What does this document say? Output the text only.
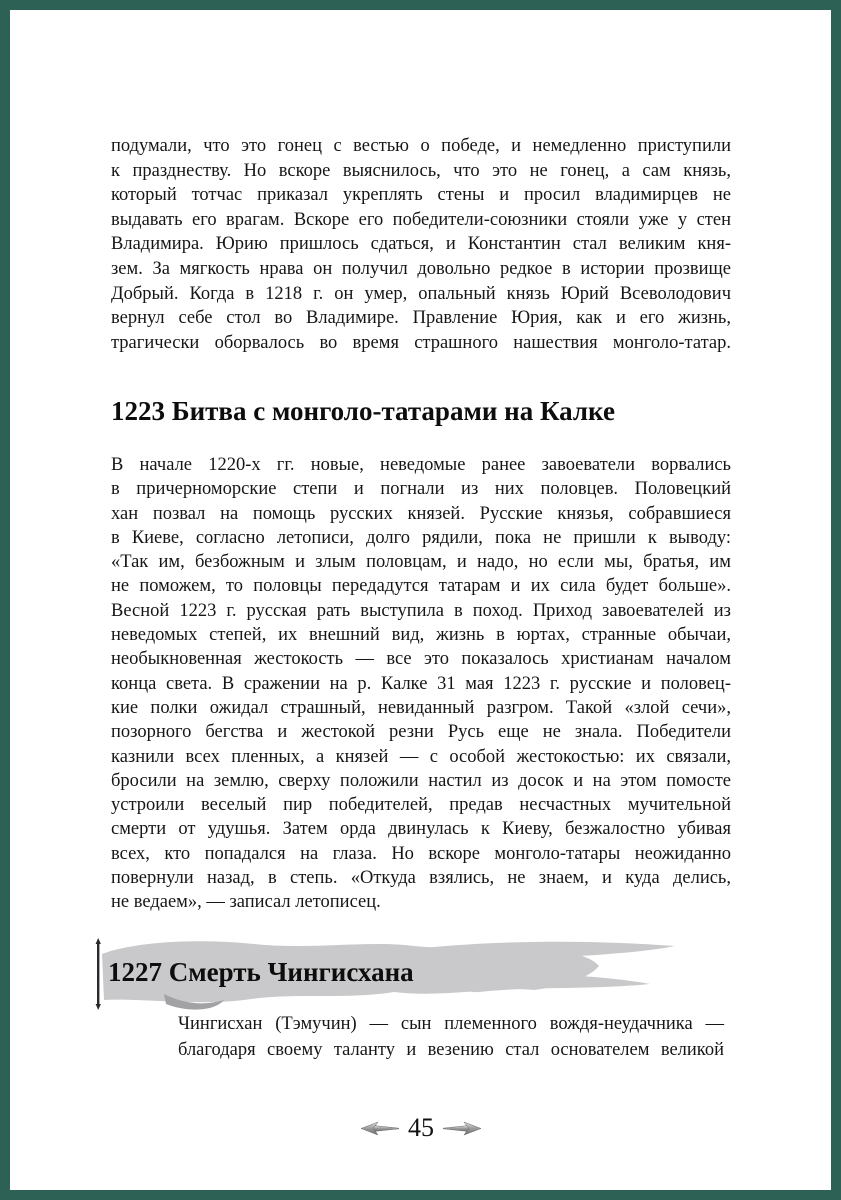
подумали, что это гонец с вестью о победе, и немедленно приступили
к празднеству. Но вскоре выяснилось, что это не гонец, а сам князь,
который тотчас приказал укреплять стены и просил владимирцев не
выдавать его врагам. Вскоре его победители-союзники стояли уже у стен
Владимира. Юрию пришлось сдаться, и Константин стал великим кня-
зем. За мягкость нрава он получил довольно редкое в истории прозвище
Добрый. Когда в 1218 г. он умер, опальный князь Юрий Всеволодович
вернул себе стол во Владимире. Правление Юрия, как и его жизнь,
трагически оборвалось во время страшного нашествия монголо-татар.
1223 Битва с монголо-татарами на Калке
В начале 1220-х гг. новые, неведомые ранее завоеватели ворвались
в причерноморские степи и погнали из них половцев. Половецкий
хан позвал на помощь русских князей. Русские князья, собравшиеся
в Киеве, согласно летописи, долго рядили, пока не пришли к выводу:
«Так им, безбожным и злым половцам, и надо, но если мы, братья, им
не поможем, то половцы передадутся татарам и их сила будет больше».
Весной 1223 г. русская рать выступила в поход. Приход завоевателей из
неведомых степей, их внешний вид, жизнь в юртах, странные обычаи,
необыкновенная жестокость — все это показалось христианам началом
конца света. В сражении на р. Калке 31 мая 1223 г. русские и половец-
кие полки ожидал страшный, невиданный разгром. Такой «злой сечи»,
позорного бегства и жестокой резни Русь еще не знала. Победители
казнили всех пленных, а князей — с особой жестокостью: их связали,
бросили на землю, сверху положили настил из досок и на этом помосте
устроили веселый пир победителей, предав несчастных мучительной
смерти от удушья. Затем орда двинулась к Киеву, безжалостно убивая
всех, кто попадался на глаза. Но вскоре монголо-татары неожиданно
повернули назад, в степь. «Откуда взялись, не знаем, и куда делись,
не ведаем», — записал летописец.
1227 Смерть Чингисхана
Чингисхан (Тэмучин) — сын племенного вождя-неудачника —
благодаря своему таланту и везению стал основателем великой
45
